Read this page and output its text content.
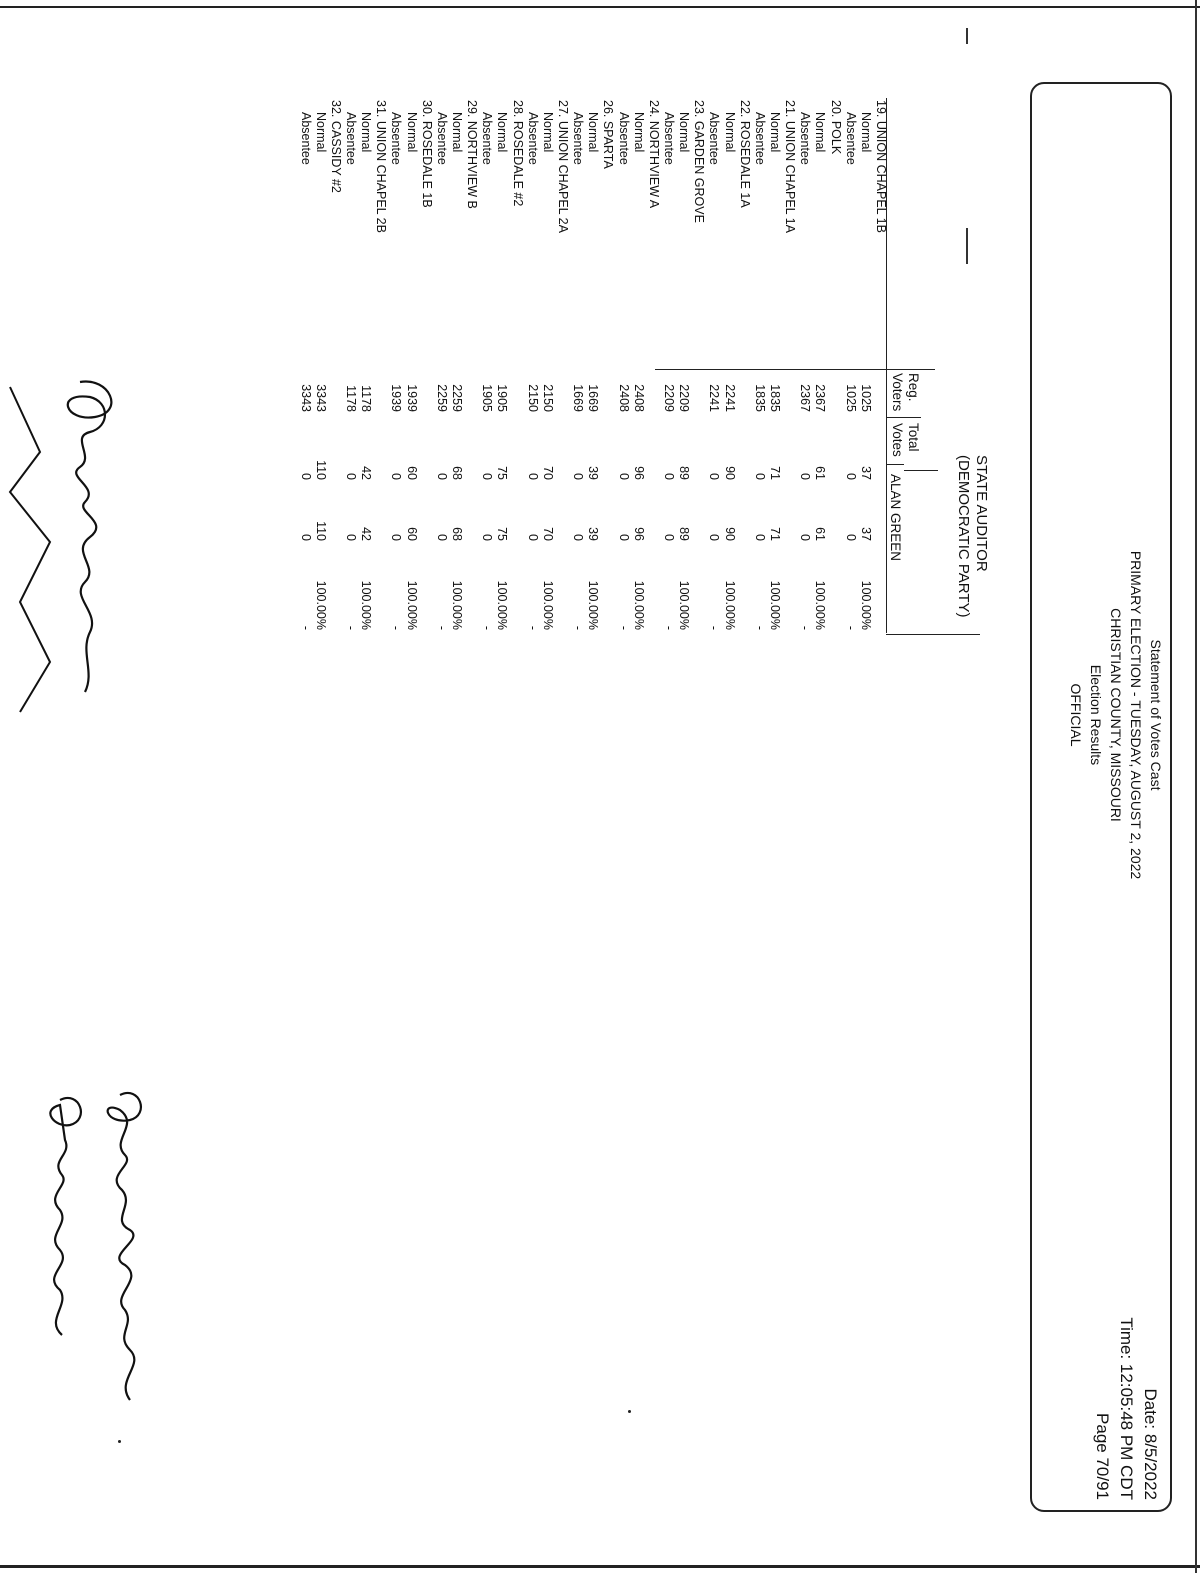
Statement of Votes Cast
PRIMARY ELECTION - TUESDAY, AUGUST 2, 2022
CHRISTIAN COUNTY, MISSOURI
Election Results
OFFICIAL
Date: 8/5/2022
Time: 12:05:48 PM CDT
Page 70/91
STATE AUDITOR
(DEMOCRATIC PARTY)
Reg.
Voters
Total
Votes
ALAN GREEN
19. UNION CHAPEL 1B
Normal
Absentee
20. POLK
Normal
Absentee
21. UNION CHAPEL 1A
Normal
Absentee
22. ROSEDALE 1A
Normal
Absentee
23. GARDEN GROVE
Normal
Absentee
24. NORTHVIEW A
Normal
Absentee
26. SPARTA
Normal
Absentee
27. UNION CHAPEL 2A
Normal
Absentee
28. ROSEDALE #2
Normal
Absentee
29. NORTHVIEW B
Normal
Absentee
30. ROSEDALE 1B
Normal
Absentee
31. UNION CHAPEL 2B
Normal
Absentee
32. CASSIDY #2
Normal
Absentee
1025
37
37
100.00%
1025
0
0
-
2367
61
61
100.00%
2367
0
0
-
1835
71
71
100.00%
1835
0
0
-
2241
90
90
100.00%
2241
0
0
-
2209
89
89
100.00%
2209
0
0
-
2408
96
96
100.00%
2408
0
0
-
1669
39
39
100.00%
1669
0
0
-
2150
70
70
100.00%
2150
0
0
-
1905
75
75
100.00%
1905
0
0
-
2259
68
68
100.00%
2259
0
0
-
1939
60
60
100.00%
1939
0
0
-
1178
42
42
100.00%
1178
0
0
-
3343
110
110
100.00%
3343
0
0
-
